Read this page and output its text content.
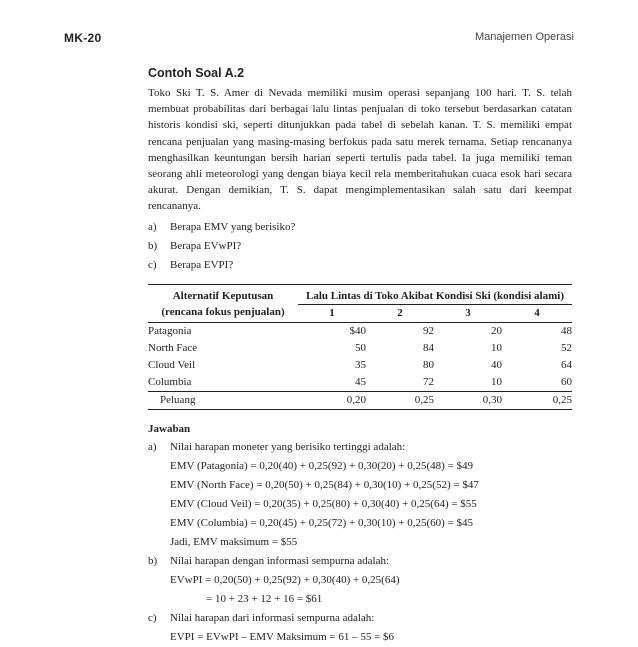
MK-20	Manajemen Operasi
Contoh Soal A.2

Toko Ski T. S. Amer di Nevada memiliki musim operasi sepanjang 100 hari. T. S. telah membuat probabilitas dari berbagai lalu lintas penjualan di toko tersebut berdasarkan catatan historis kondisi ski, seperti ditunjukkan pada tabel di sebelah kanan. T. S. memiliki empat rencana penjualan yang masing-masing berfokus pada satu merek ternama. Setiap rencananya menghasilkan keuntungan bersih harian seperti tertulis pada tabel. Ia juga memiliki teman seorang ahli meteorologi yang dengan biaya kecil rela memberitahukan cuaca esok hari secara akurat. Dengan demikian, T. S. dapat mengimplementasikan salah satu dari keempat rencananya.

a)	Berapa EMV yang berisiko?
b)	Berapa EVwPI?
c)	Berapa EVPI?
Alternatif Keputusan
(rencana fokus penjualan)	Lalu Lintas di Toko Akibat Kondisi Ski (kondisi alami)			
	1	2	3	4
Patagonia	$40	92	20	48
North Face	50	84	10	52
Cloud Veil	35	80	40	64
Columbia	45	72	10	60
Peluang	0,20	0,25	0,30	0,25
Jawaban
a)	Nilai harapan moneter yang berisiko tertinggi adalah:
EMV (Patagonia) = 0,20(40) + 0,25(92) + 0,30(20) + 0,25(48) = $49
EMV (North Face) = 0,20(50) + 0,25(84) + 0,30(10) + 0,25(52) = $47
EMV (Cloud Veil) = 0,20(35) + 0,25(80) + 0,30(40) + 0,25(64) = $55
EMV (Columbia) = 0,20(45) + 0,25(72) + 0,30(10) + 0,25(60) = $45
Jadi, EMV maksimum = $55
b)	Nilai harapan dengan informasi sempurna adalah:
EVwPI = 0,20(50) + 0,25(92) + 0,30(40) + 0,25(64)
= 10 + 23 + 12 + 16 = $61
c)	Nilai harapan dari informasi sempurna adalah:
EVPI = EVwPI – EMV Maksimum = 61 – 55 = $6
